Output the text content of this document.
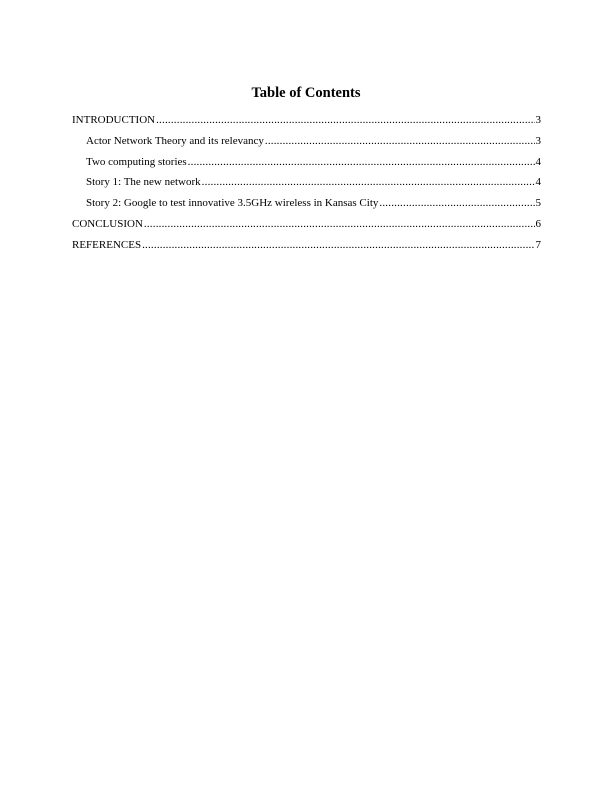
Table of Contents
INTRODUCTION .....	3
Actor Network Theory and its relevancy .....	3
Two computing stories .....	4
Story 1: The new network .....	4
Story 2: Google to test innovative 3.5GHz wireless in Kansas City .....	5
CONCLUSION .....	6
REFERENCES .....	7
